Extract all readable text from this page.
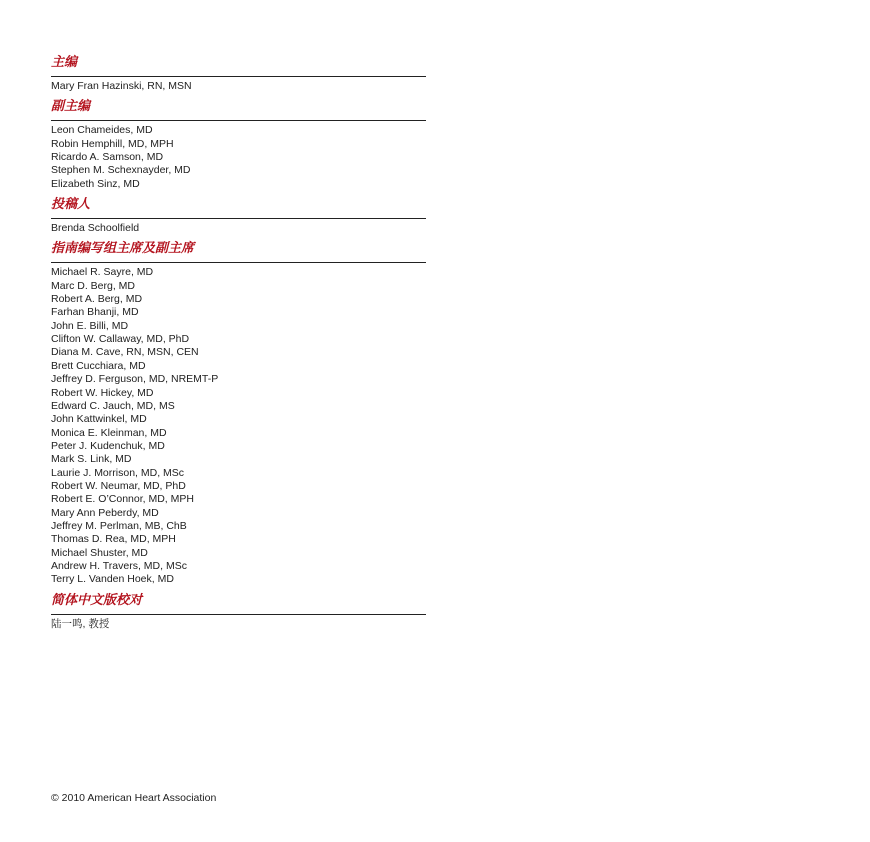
主编
Mary Fran Hazinski, RN, MSN
副主编
Leon Chameides, MD
Robin Hemphill, MD, MPH
Ricardo A. Samson, MD
Stephen M. Schexnayder, MD
Elizabeth Sinz, MD
投稿人
Brenda Schoolfield
指南编写组主席及副主席
Michael R. Sayre, MD
Marc D. Berg, MD
Robert A. Berg, MD
Farhan Bhanji, MD
John E. Billi, MD
Clifton W. Callaway, MD, PhD
Diana M. Cave, RN, MSN, CEN
Brett Cucchiara, MD
Jeffrey D. Ferguson, MD, NREMT-P
Robert W. Hickey, MD
Edward C. Jauch, MD, MS
John Kattwinkel, MD
Monica E. Kleinman, MD
Peter J. Kudenchuk, MD
Mark S. Link, MD
Laurie J. Morrison, MD, MSc
Robert W. Neumar, MD, PhD
Robert E. O’Connor, MD, MPH
Mary Ann Peberdy, MD
Jeffrey M. Perlman, MB, ChB
Thomas D. Rea, MD, MPH
Michael Shuster, MD
Andrew H. Travers, MD, MSc
Terry L. Vanden Hoek, MD
简体中文版校对
陆一鸣, 教授
© 2010 American Heart Association
